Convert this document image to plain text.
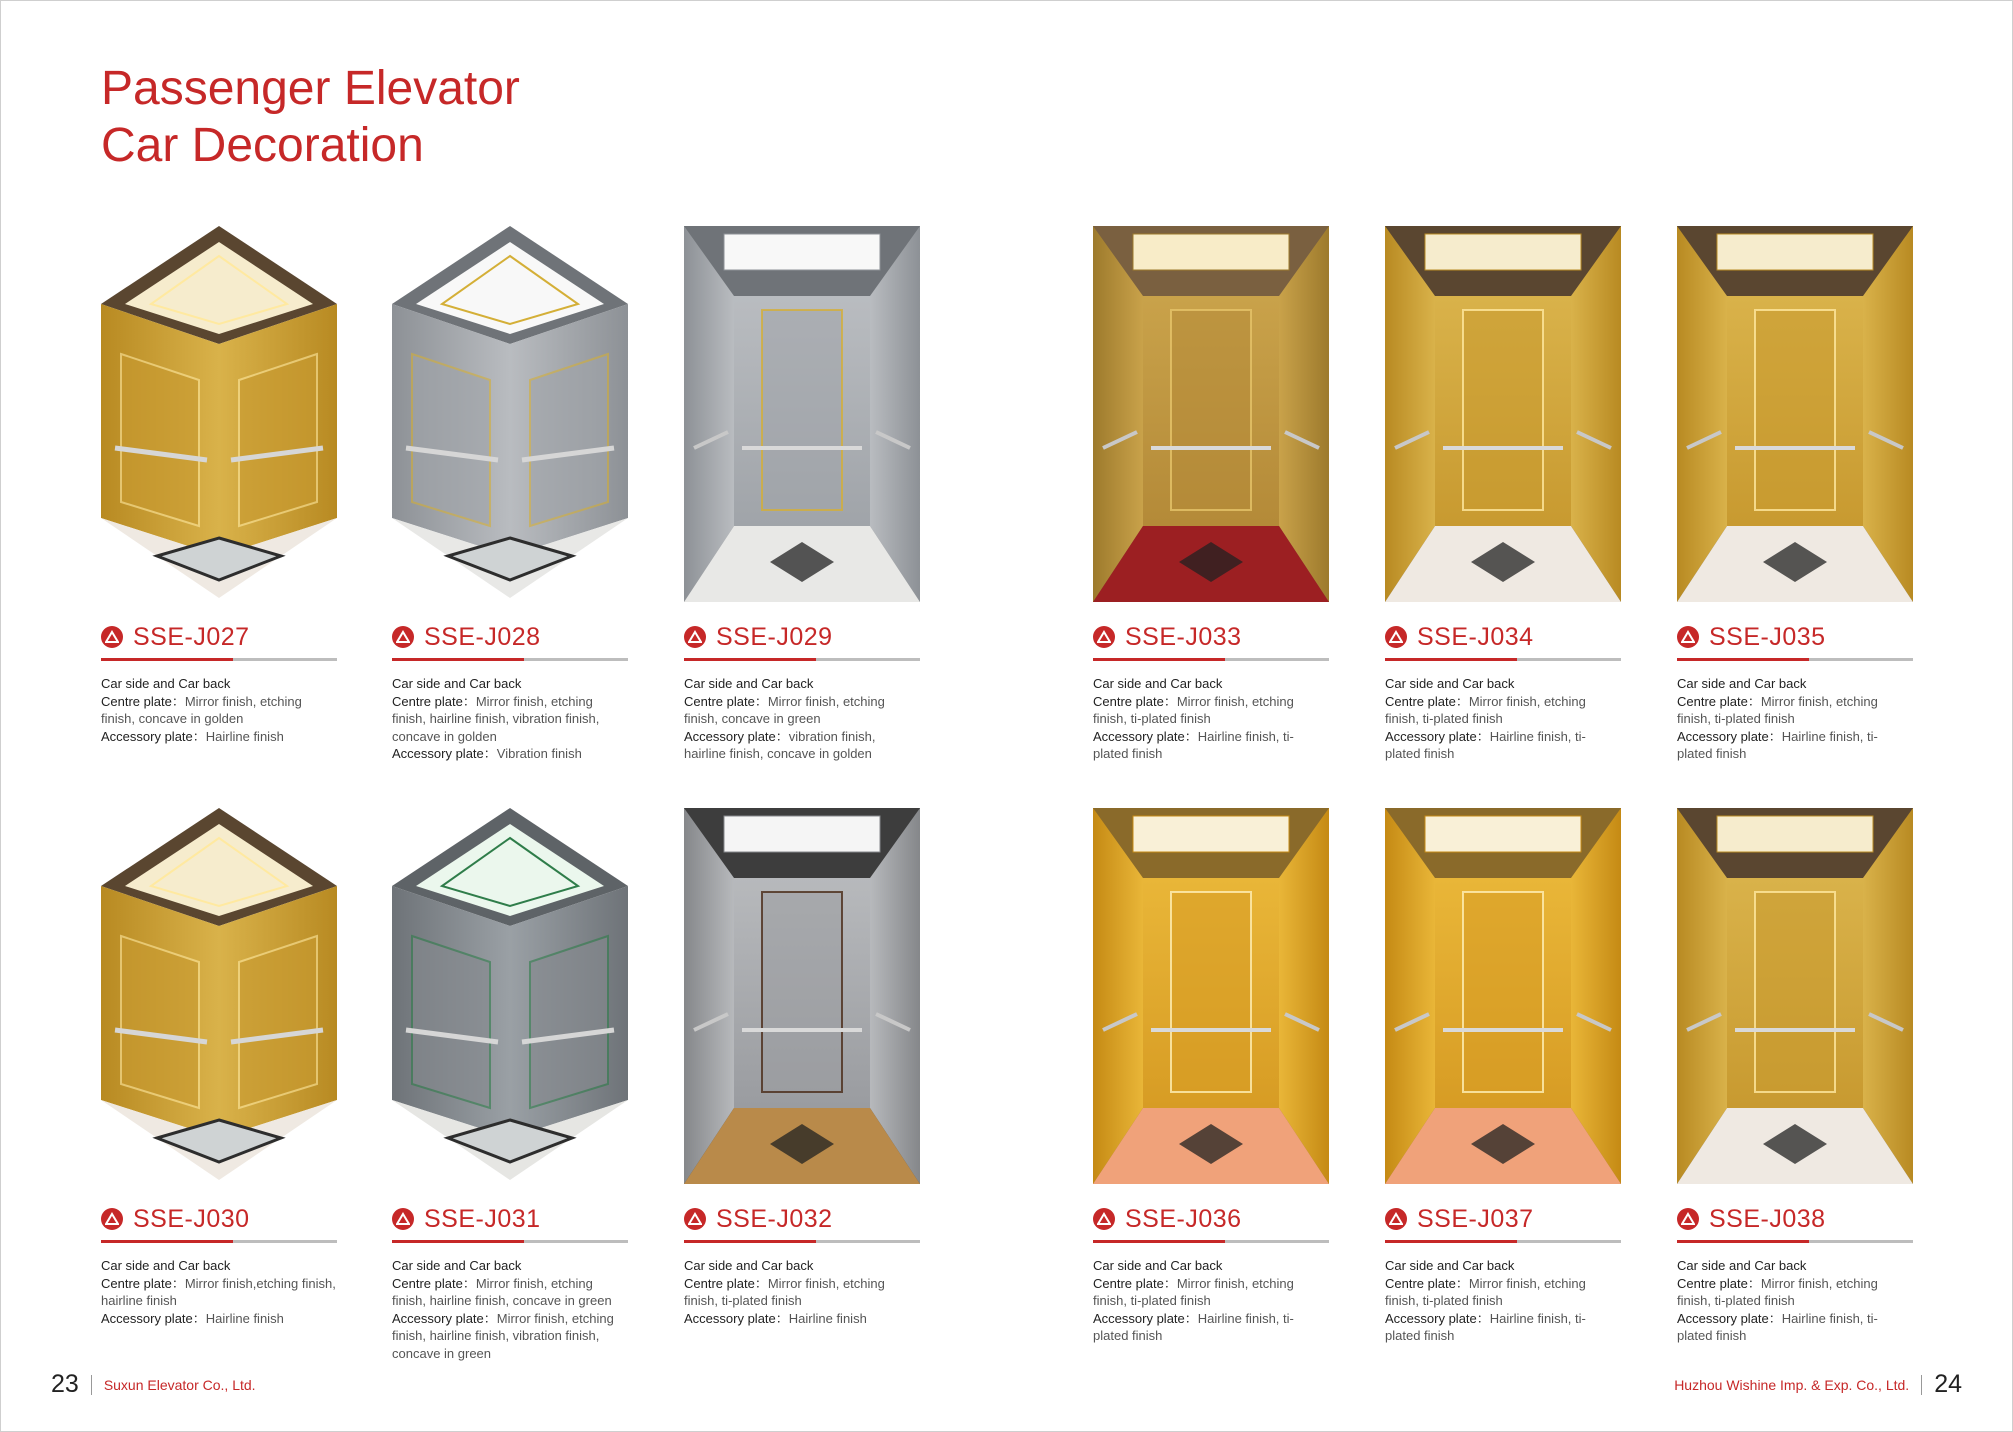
Passenger Elevator
Car Decoration
SSE-J027
Car side and Car back
Centre plate：Mirror finish, etching finish, concave in golden
Accessory plate：Hairline finish
SSE-J028
Car side and Car back
Centre plate：Mirror finish, etching finish, hairline finish, vibration finish, concave in golden
Accessory plate：Vibration finish
SSE-J029
Car side and Car back
Centre plate：Mirror finish, etching finish, concave in green
Accessory plate：vibration finish, hairline finish, concave in golden
SSE-J033
Car side and Car back
Centre plate：Mirror finish, etching finish, ti-plated finish
Accessory plate：Hairline finish, ti-plated finish
SSE-J034
Car side and Car back
Centre plate：Mirror finish, etching finish, ti-plated finish
Accessory plate：Hairline finish, ti-plated finish
SSE-J035
Car side and Car back
Centre plate：Mirror finish, etching finish, ti-plated finish
Accessory plate：Hairline finish, ti-plated finish
SSE-J030
Car side and Car back
Centre plate：Mirror finish,etching finish, hairline finish
Accessory plate：Hairline finish
SSE-J031
Car side and Car back
Centre plate：Mirror finish, etching finish, hairline finish, concave in green
Accessory plate：Mirror finish, etching finish, hairline finish, vibration finish, concave in green
SSE-J032
Car side and Car back
Centre plate：Mirror finish, etching finish, ti-plated finish
Accessory plate：Hairline finish
SSE-J036
Car side and Car back
Centre plate：Mirror finish, etching finish, ti-plated finish
Accessory plate：Hairline finish, ti-plated finish
SSE-J037
Car side and Car back
Centre plate：Mirror finish, etching finish, ti-plated finish
Accessory plate：Hairline finish, ti-plated finish
SSE-J038
Car side and Car back
Centre plate：Mirror finish, etching finish, ti-plated finish
Accessory plate：Hairline finish, ti-plated finish
23 Suxun Elevator Co., Ltd.	Huzhou Wishine Imp. & Exp. Co., Ltd. 24
